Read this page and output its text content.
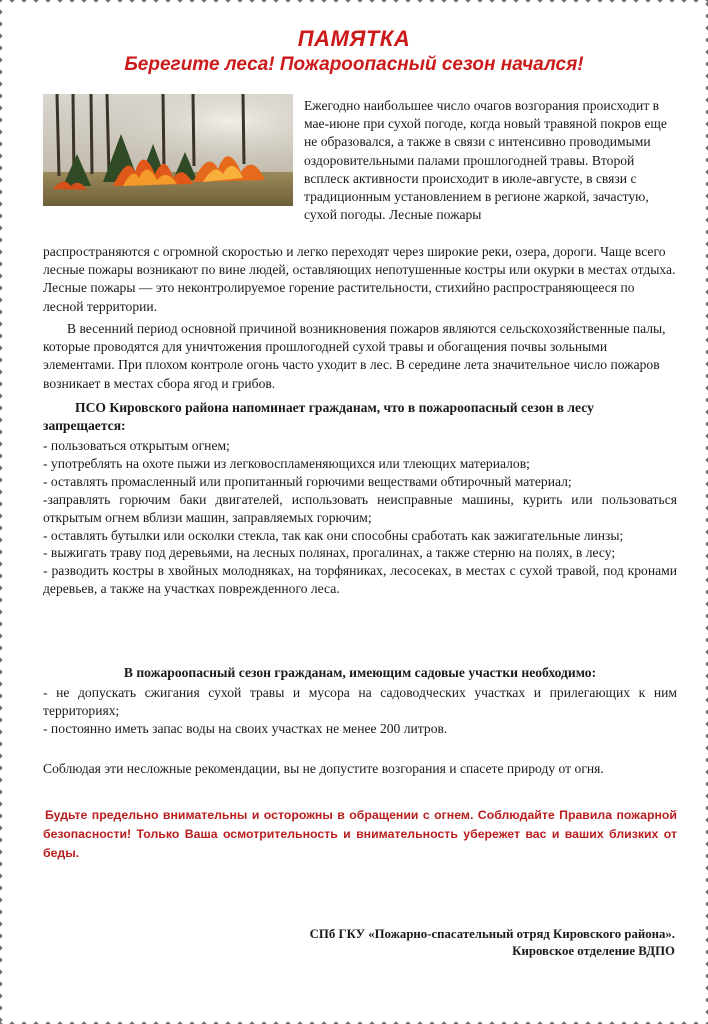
ПАМЯТКА
Берегите леса! Пожароопасный сезон начался!

Ежегодно наибольшее число очагов возгорания происходит в мае-июне при сухой погоде, когда новый травяной покров еще не образовался, а также в связи с интенсивно проводимыми оздоровительными палами прошлогодней травы. Второй всплеск активности происходит в июле-августе, в связи с традиционным установлением в регионе жаркой, зачастую, сухой погоды. Лесные пожары

распространяются с огромной скоростью и легко переходят через широкие реки, озера, дороги. Чаще всего лесные пожары возникают по вине людей, оставляющих непотушенные костры или окурки в местах отдыха. Лесные пожары — это неконтролируемое горение растительности, стихийно распространяющееся по лесной территории.

В весенний период основной причиной возникновения пожаров являются сельскохозяйственные палы, которые проводятся для уничтожения прошлогодней сухой травы и обогащения почвы зольными элементами. При плохом контроле огонь часто уходит в лес. В середине лета значительное число пожаров возникает в местах сбора ягод и грибов.

ПСО Кировского района напоминает гражданам, что в пожароопасный сезон в лесу запрещается:

- пользоваться открытым огнем;
- употреблять на охоте пыжи из легковоспламеняющихся или тлеющих материалов;
- оставлять промасленный или пропитанный горючими веществами обтирочный материал;
-заправлять горючим баки двигателей, использовать неисправные машины, курить или пользоваться открытым огнем вблизи машин, заправляемых горючим;
- оставлять бутылки или осколки стекла, так как они способны сработать как зажигательные линзы;
- выжигать траву под деревьями, на лесных полянах, прогалинах, а также стерню на полях, в лесу;
- разводить костры в хвойных молодняках, на торфяниках, лесосеках, в местах с сухой травой, под кронами деревьев, а также на участках поврежденного леса.

В пожароопасный сезон гражданам, имеющим садовые участки необходимо:

- не допускать сжигания сухой травы и мусора на садоводческих участках и прилегающих к ним территориях;
- постоянно иметь запас воды на своих участках не менее 200 литров.

Соблюдая эти несложные рекомендации, вы не допустите возгорания и спасете природу от огня.

Будьте предельно внимательны и осторожны в обращении с огнем. Соблюдайте Правила пожарной безопасности! Только Ваша осмотрительность и внимательность убережет вас и ваших близких от беды.

СПб ГКУ «Пожарно-спасательный отряд Кировского района».

Кировское отделение ВДПО
